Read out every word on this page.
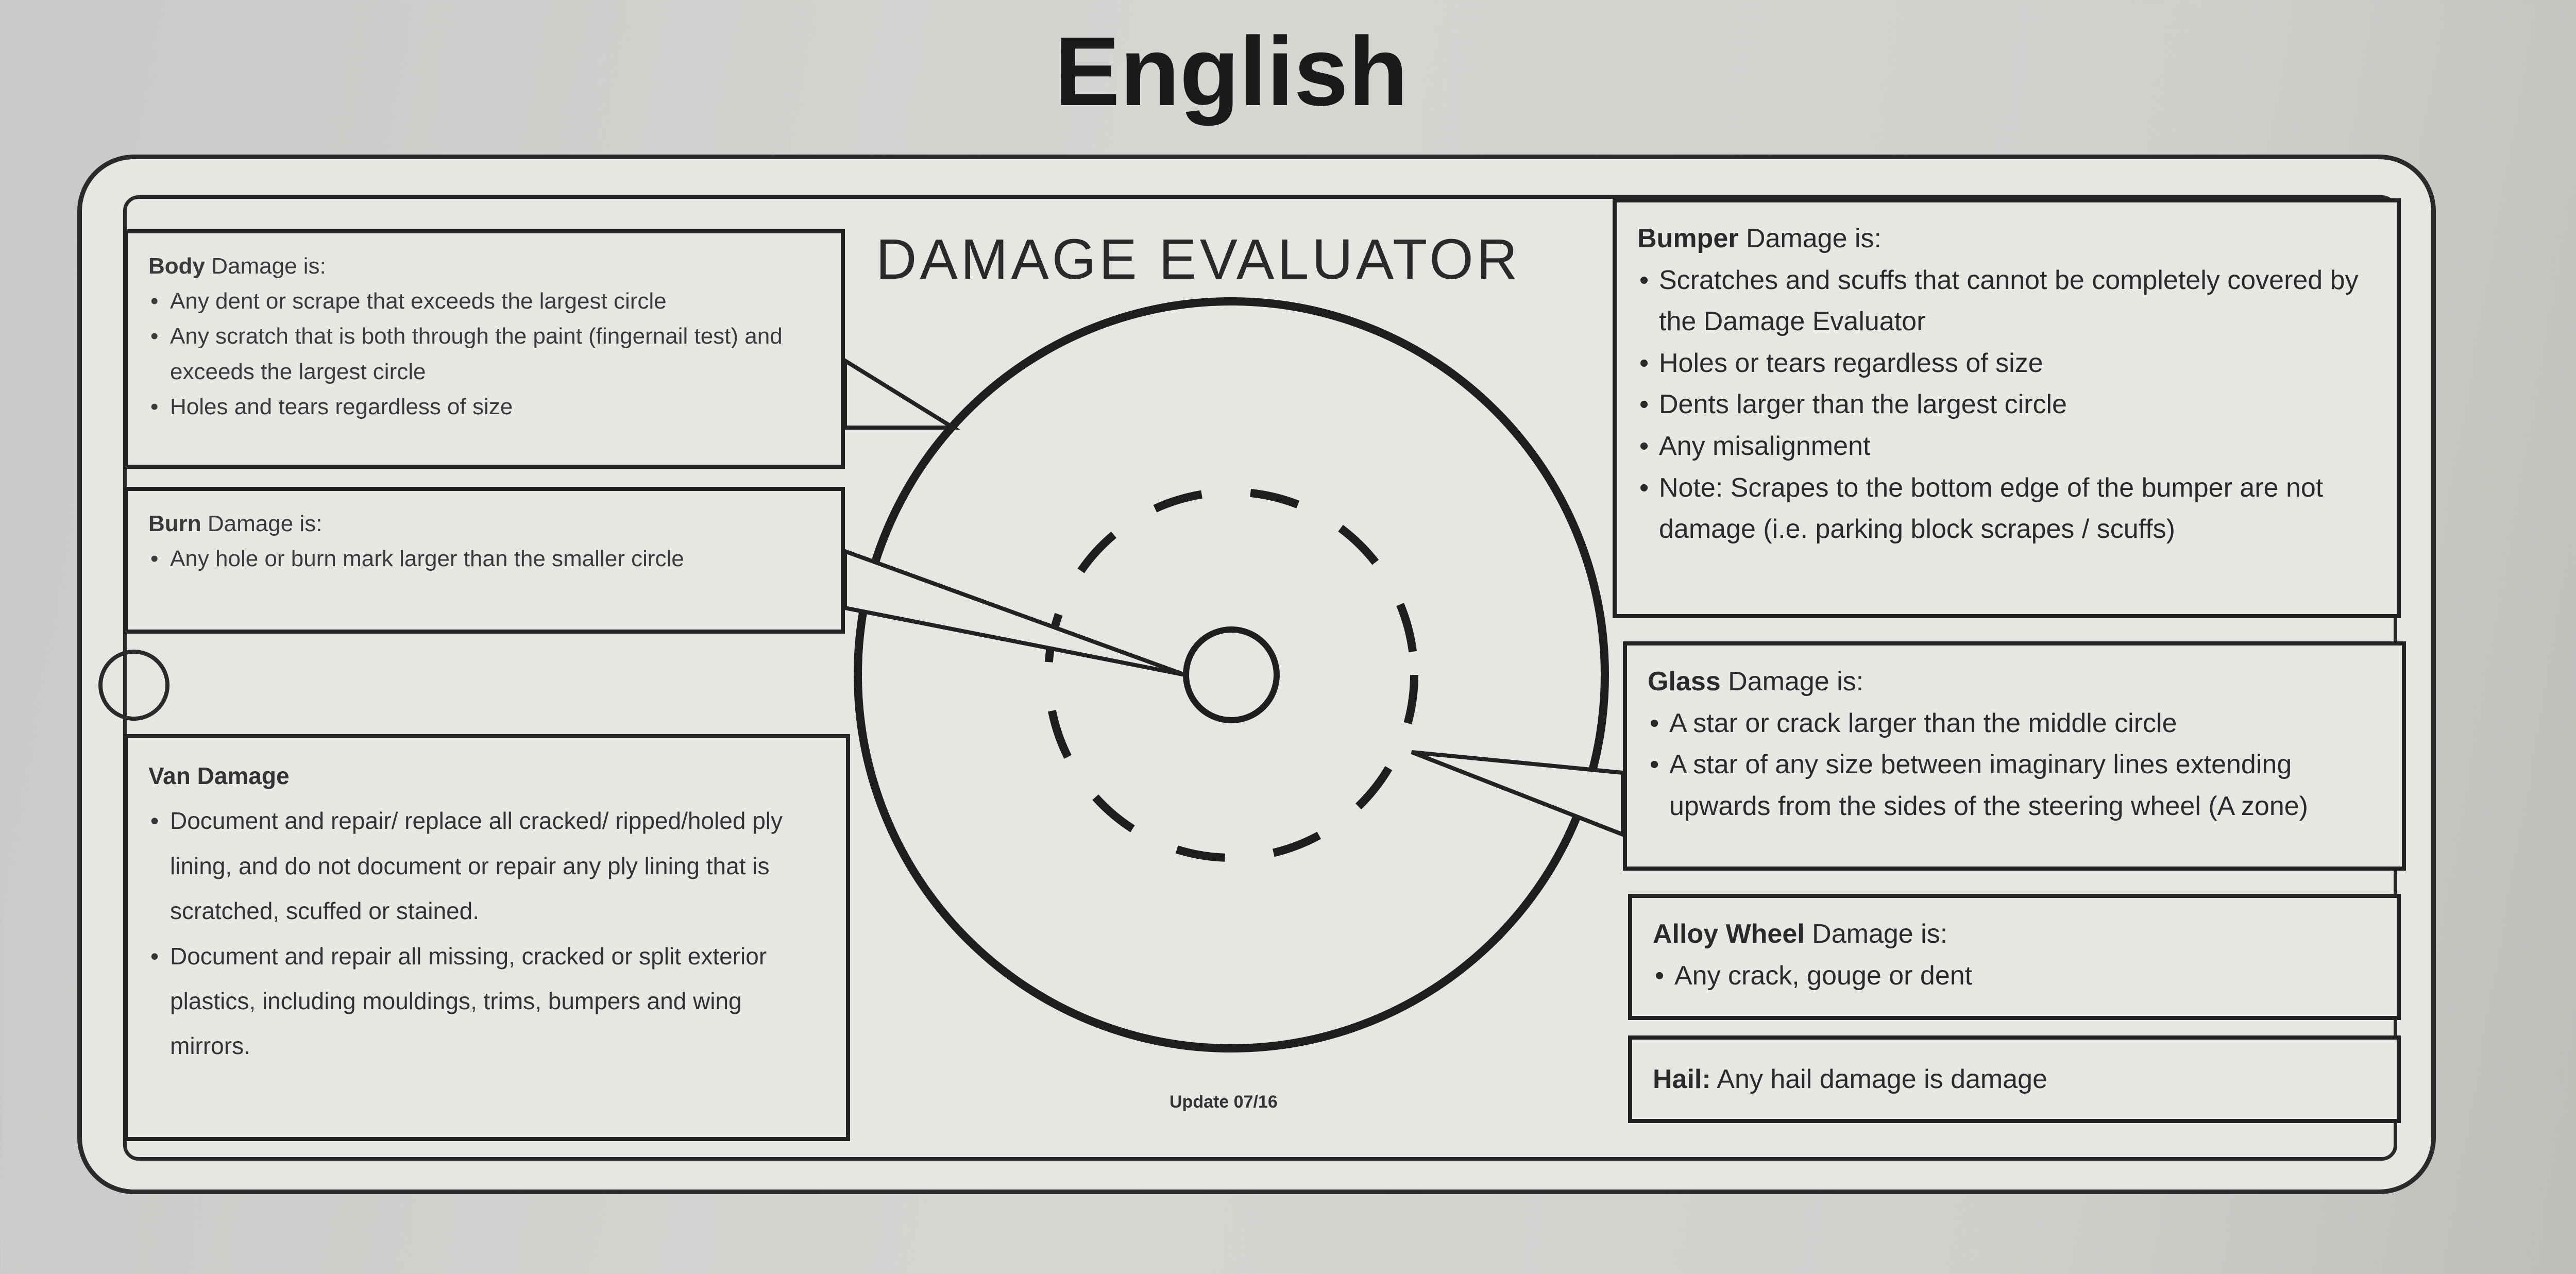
English
DAMAGE EVALUATOR
Body Damage is:
• Any dent or scrape that exceeds the largest circle
• Any scratch that is both through the paint (fingernail test) and exceeds the largest circle
• Holes and tears regardless of size
Burn Damage is:
• Any hole or burn mark larger than the smaller circle
Van Damage
• Document and repair/ replace all cracked/ ripped/holed ply lining, and do not document or repair any ply lining that is scratched, scuffed or stained.
• Document and repair all missing, cracked or split exterior plastics, including mouldings, trims, bumpers and wing mirrors.
Bumper Damage is:
• Scratches and scuffs that cannot be completely covered by the Damage Evaluator
• Holes or tears regardless of size
• Dents larger than the largest circle
• Any misalignment
• Note: Scrapes to the bottom edge of the bumper are not damage (i.e. parking block scrapes / scuffs)
Glass Damage is:
• A star or crack larger than the middle circle
• A star of any size between imaginary lines extending upwards from the sides of the steering wheel (A zone)
Alloy Wheel Damage is:
• Any crack, gouge or dent
Hail: Any hail damage is damage
Update 07/16
